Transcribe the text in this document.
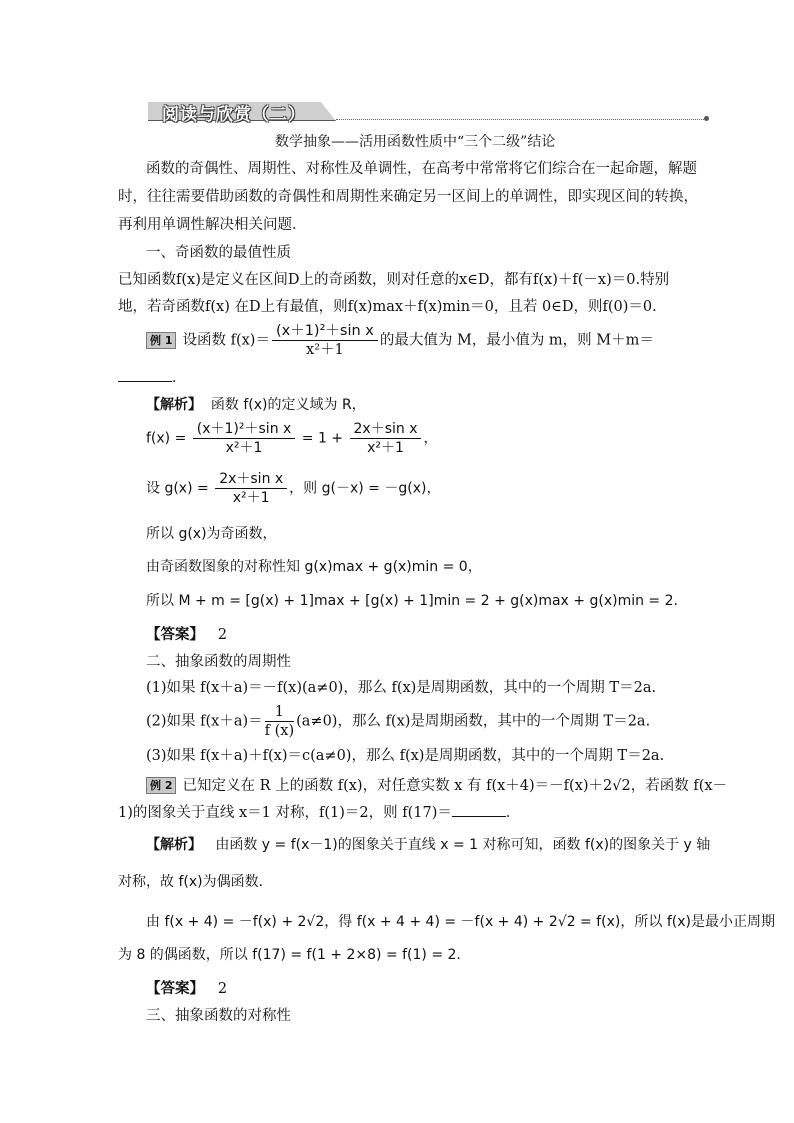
阅读与欣赏（二）
数学抽象——活用函数性质中“三个二级”结论
函数的奇偶性、周期性、对称性及单调性，在高考中常常将它们综合在一起命题，解题
时，往往需要借助函数的奇偶性和周期性来确定另一区间上的单调性，即实现区间的转换，
再利用单调性解决相关问题．
一、奇函数的最值性质
已知函数f(x)是定义在区间D上的奇函数，则对任意的x∈D，都有f(x)＋f(－x)＝0.特别
地，若奇函数f(x) 在D上有最值，则f(x)max＋f(x)min＝0，且若 0∈D，则f(0)＝0.
例 1 设函数 $f(x)= \frac{\text{(x＋1)²＋sin x}}{\text{x²＋1}}$ 的最大值为 M，最小值为 m，则 M＋m＝
．
【解析】 函数 f(x)的定义域为 R，
$f(x) = \frac{\text{(x＋1)²＋sin x}}{\text{x²＋1}} = 1 + \frac{\text{2x＋sin x}}{\text{x²＋1}}$ ，
设 $g(x) = \frac{\text{2x＋sin x}}{\text{x²＋1}}$ ，则 g(－x) = －g(x)，
所以 g(x)为奇函数，
由奇函数图象的对称性知 g(x)max + g(x)min = 0，
所以 M + m = [g(x) + 1]max + [g(x) + 1]min = 2 + g(x)max + g(x)min = 2.
【答案】 2
二、抽象函数的周期性
(1)如果 f(x＋a)＝－f(x)(a≠0)，那么 f(x)是周期函数，其中的一个周期 T＝2a.
(2)如果 $f(x+a)= \frac{1}{f (x)} (a\ne 0)$，那么 f(x)是周期函数，其中的一个周期 T＝2a.
(3)如果 f(x＋a)＋f(x)＝c(a≠0)，那么 f(x)是周期函数，其中的一个周期 T＝2a.
例 2 已知定义在 R 上的函数 f(x)，对任意实数 x 有 f(x＋4)＝－f(x)＋2√2，若函数 f(x－
1)的图象关于直线 x＝1 对称，f(1)＝2，则 f(17)＝	．
【解析】 由函数 y = f(x－1)的图象关于直线 x = 1 对称可知，函数 f(x)的图象关于 y 轴
对称，故 f(x)为偶函数．
由 f(x + 4) = －f(x) + 2√2，得 f(x + 4 + 4) = －f(x + 4) + 2√2 = f(x)，所以 f(x)是最小正周期
为 8 的偶函数，所以 f(17) = f(1 + 2×8) = f(1) = 2.
【答案】 2
三、抽象函数的对称性
